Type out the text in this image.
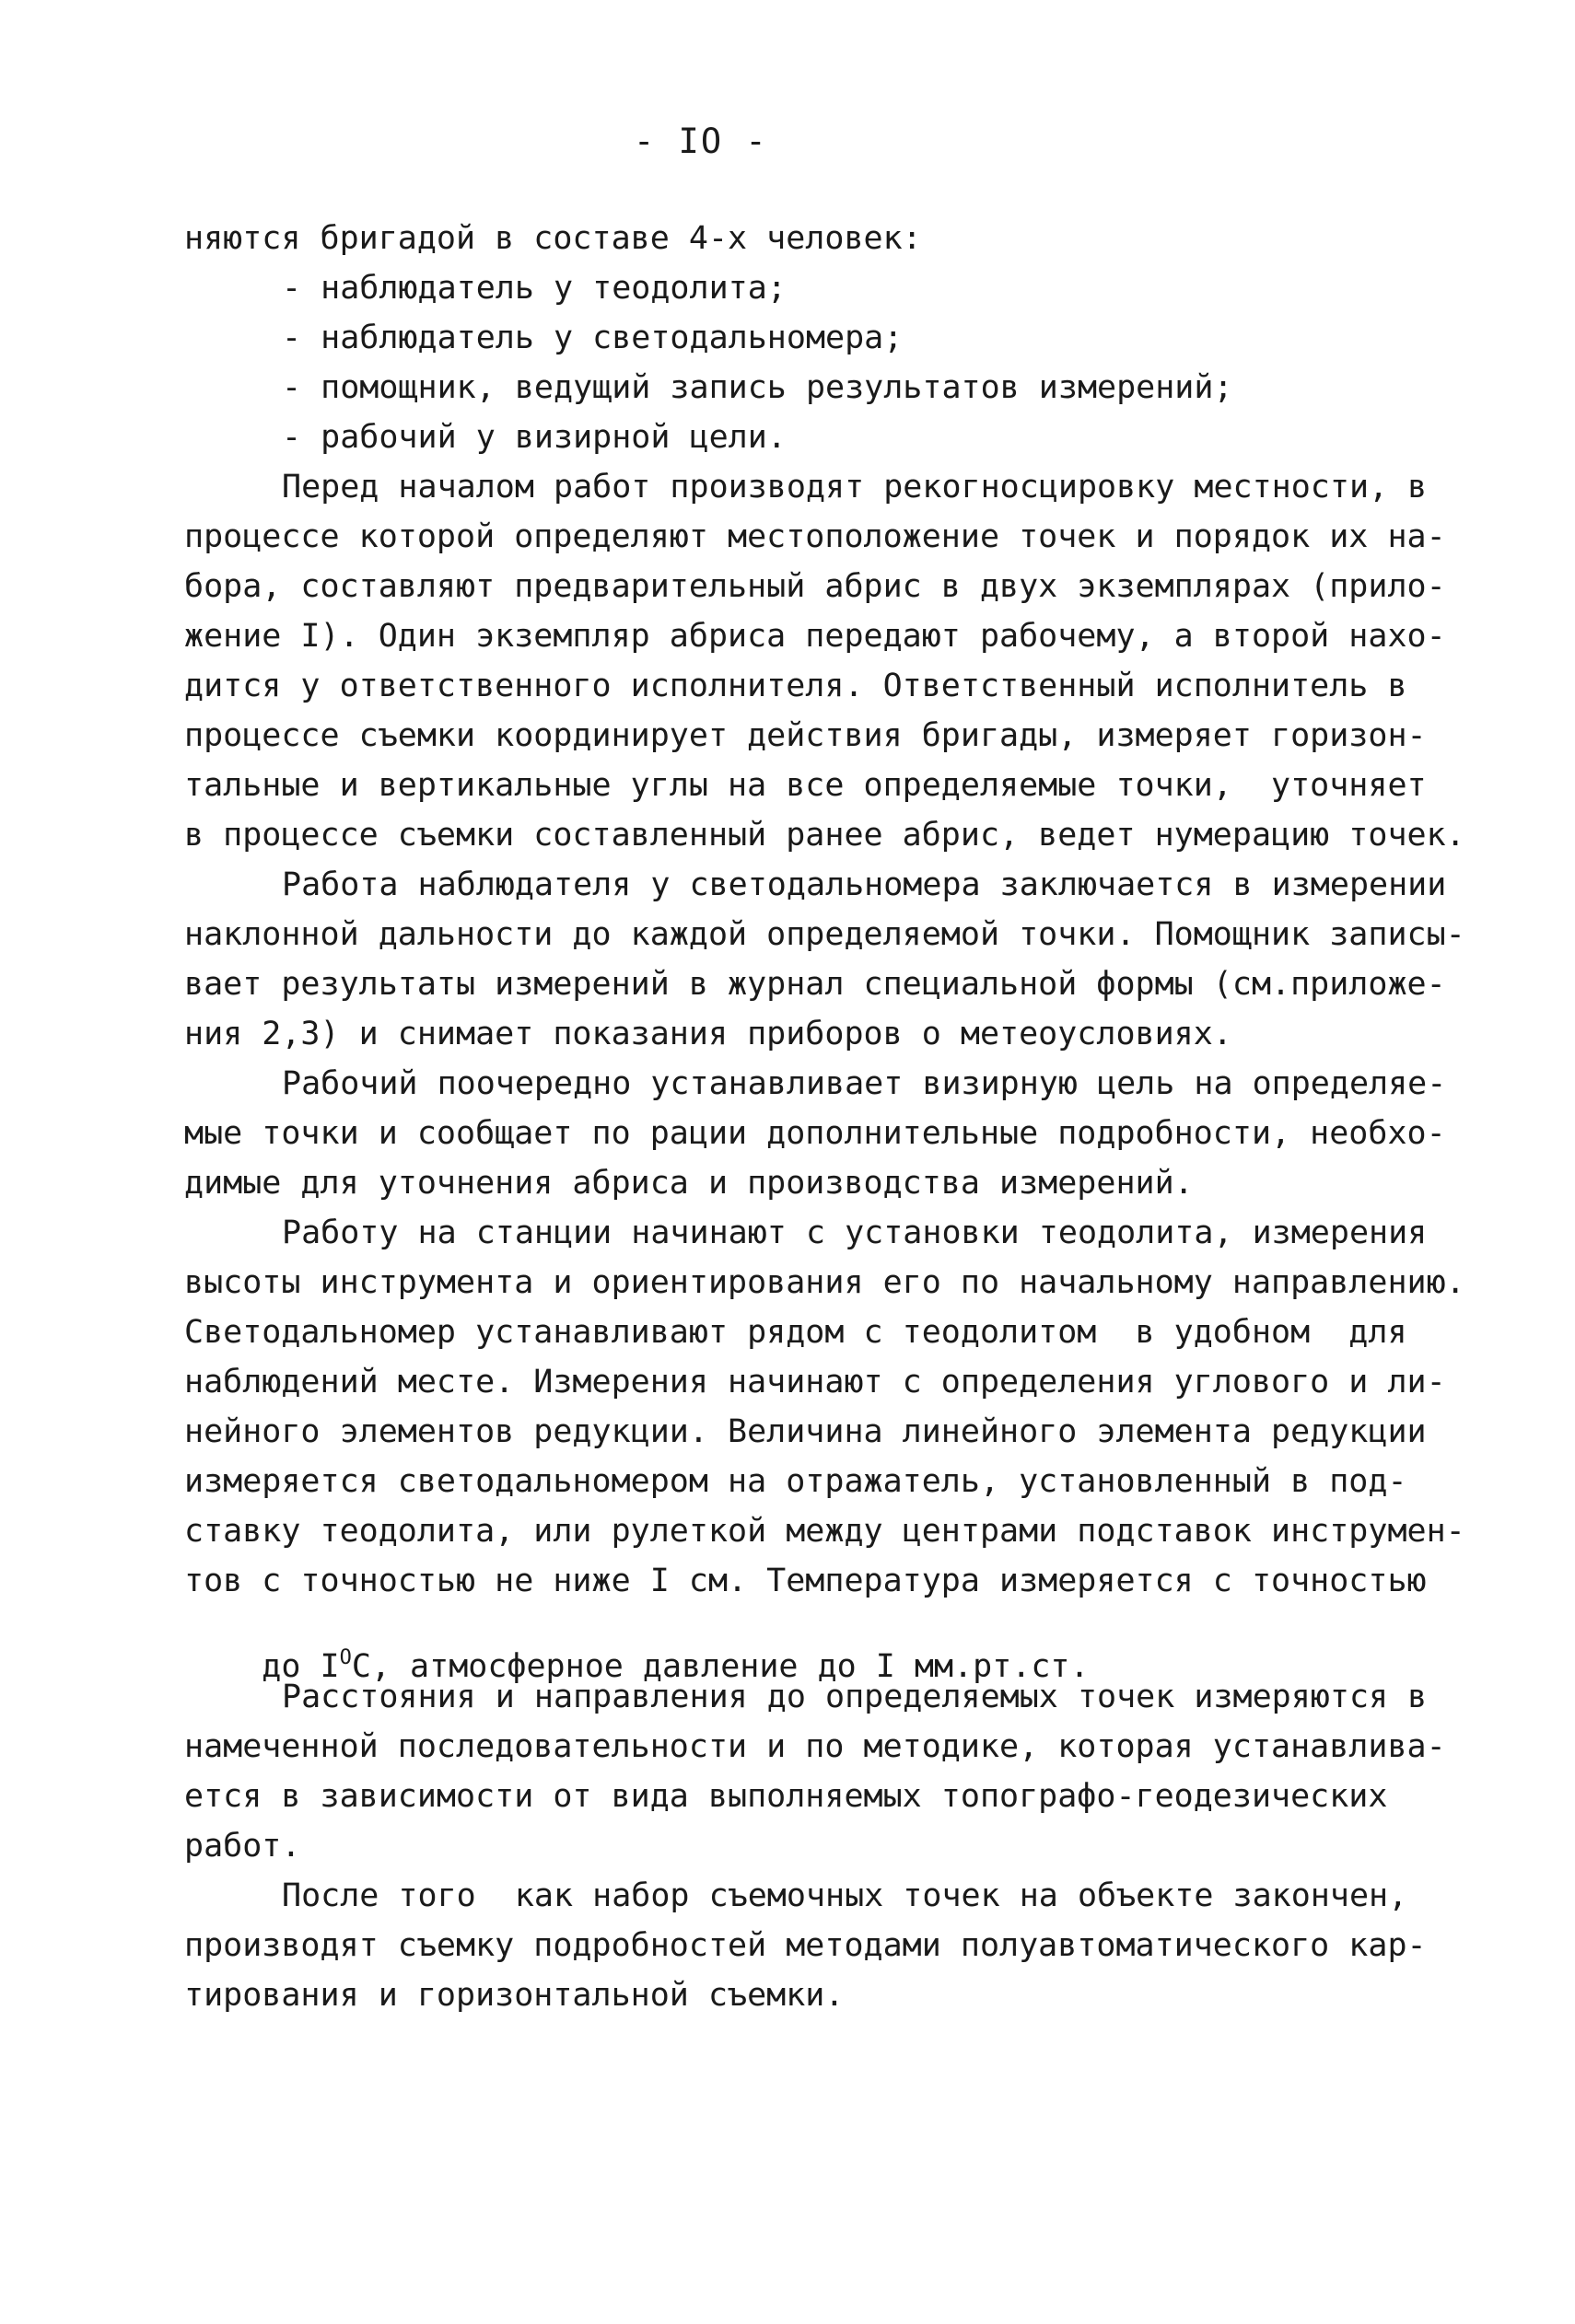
- IO -
няются бригадой в составе 4-х человек:
- наблюдатель у теодолита;
- наблюдатель у светодальномера;
- помощник, ведущий запись результатов измерений;
- рабочий у визирной цели.
Перед началом работ производят рекогносцировку местности, в
процессе которой определяют местоположение точек и порядок их на-
бора, составляют предварительный абрис в двух экземплярах (прило-
жение I). Один экземпляр абриса передают рабочему, а второй нахо-
дится у ответственного исполнителя. Ответственный исполнитель в
процессе съемки координирует действия бригады, измеряет горизон-
тальные и вертикальные углы на все определяемые точки,  уточняет
в процессе съемки составленный ранее абрис, ведет нумерацию точек.
Работа наблюдателя у светодальномера заключается в измерении
наклонной дальности до каждой определяемой точки. Помощник записы-
вает результаты измерений в журнал специальной формы (см.приложе-
ния 2,3) и снимает показания приборов о метеоусловиях.
Рабочий поочередно устанавливает визирную цель на определяе-
мые точки и сообщает по рации дополнительные подробности, необхо-
димые для уточнения абриса и производства измерений.
Работу на станции начинают с установки теодолита, измерения
высоты инструмента и ориентирования его по начальному направлению.
Светодальномер устанавливают рядом с теодолитом  в удобном  для
наблюдений месте. Измерения начинают с определения углового и ли-
нейного элементов редукции. Величина линейного элемента редукции
измеряется светодальномером на отражатель, установленный в под-
ставку теодолита, или рулеткой между центрами подставок инструмен-
тов с точностью не ниже I см. Температура измеряется с точностью

до $I^OС$, атмосферное давление до I мм.рт.ст.

Расстояния и направления до определяемых точек измеряются в
намеченной последовательности и по методике, которая устанавлива-
ется в зависимости от вида выполняемых топографо-геодезических
работ.
После того  как набор съемочных точек на объекте закончен,
производят съемку подробностей методами полуавтоматического кар-
тирования и горизонтальной съемки.
